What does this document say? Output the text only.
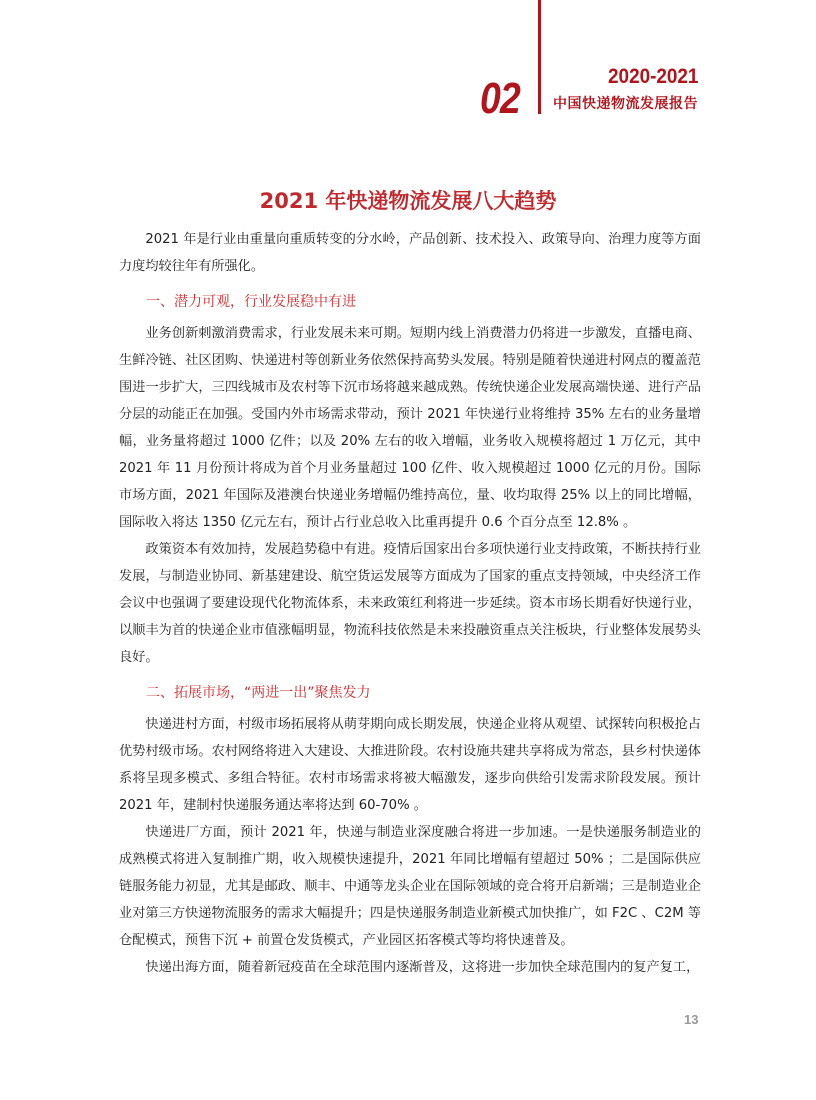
02	2020-2021
中国快递物流发展报告
2021 年快递物流发展八大趋势

2021 年是行业由重量向重质转变的分水岭，产品创新、技术投入、政策导向、治理力度等方面力度均较往年有所强化。

一、潜力可观，行业发展稳中有进

业务创新刺激消费需求，行业发展未来可期。短期内线上消费潜力仍将进一步激发，直播电商、生鲜冷链、社区团购、快递进村等创新业务依然保持高势头发展。特别是随着快递进村网点的覆盖范围进一步扩大，三四线城市及农村等下沉市场将越来越成熟。传统快递企业发展高端快递、进行产品分层的动能正在加强。受国内外市场需求带动，预计 2021 年快递行业将维持 35% 左右的业务量增幅，业务量将超过 1000 亿件；以及 20% 左右的收入增幅，业务收入规模将超过 1 万亿元，其中 2021 年 11 月份预计将成为首个月业务量超过 100 亿件、收入规模超过 1000 亿元的月份。国际市场方面，2021 年国际及港澳台快递业务增幅仍维持高位，量、收均取得 25% 以上的同比增幅，国际收入将达 1350 亿元左右，预计占行业总收入比重再提升 0.6 个百分点至 12.8% 。

政策资本有效加持，发展趋势稳中有进。疫情后国家出台多项快递行业支持政策，不断扶持行业发展，与制造业协同、新基建建设、航空货运发展等方面成为了国家的重点支持领域，中央经济工作会议中也强调了要建设现代化物流体系，未来政策红利将进一步延续。资本市场长期看好快递行业，以顺丰为首的快递企业市值涨幅明显，物流科技依然是未来投融资重点关注板块，行业整体发展势头良好。

二、拓展市场，“两进一出”聚焦发力

快递进村方面，村级市场拓展将从萌芽期向成长期发展，快递企业将从观望、试探转向积极抢占优势村级市场。农村网络将进入大建设、大推进阶段。农村设施共建共享将成为常态，县乡村快递体系将呈现多模式、多组合特征。农村市场需求将被大幅激发，逐步向供给引发需求阶段发展。预计 2021 年，建制村快递服务通达率将达到 60-70% 。

快递进厂方面，预计 2021 年，快递与制造业深度融合将进一步加速。一是快递服务制造业的成熟模式将进入复制推广期，收入规模快速提升，2021 年同比增幅有望超过 50% ；二是国际供应链服务能力初显，尤其是邮政、顺丰、中通等龙头企业在国际领域的竞合将开启新端；三是制造业企业对第三方快递物流服务的需求大幅提升；四是快递服务制造业新模式加快推广，如 F2C 、C2M 等仓配模式，预售下沉 + 前置仓发货模式，产业园区拓客模式等均将快速普及。

快递出海方面，随着新冠疫苗在全球范围内逐渐普及，这将进一步加快全球范围内的复产复工，

13
